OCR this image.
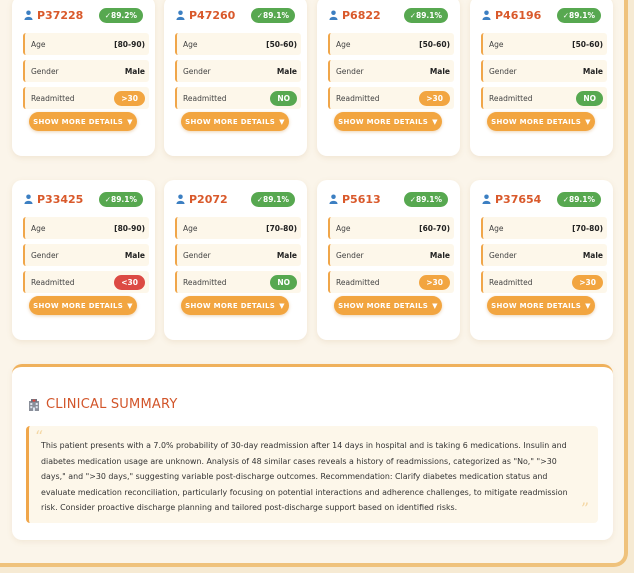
P37228	✓89.2%
Age	[80-90)
Gender	Male
Readmitted	>30
SHOW MORE DETAILS ▼
P47260	✓89.1%
Age	[50-60)
Gender	Male
Readmitted	NO
SHOW MORE DETAILS ▼
P6822	✓89.1%
Age	[50-60)
Gender	Male
Readmitted	>30
SHOW MORE DETAILS ▼
P46196	✓89.1%
Age	[50-60)
Gender	Male
Readmitted	NO
SHOW MORE DETAILS ▼
P33425	✓89.1%
Age	[80-90)
Gender	Male
Readmitted	<30
SHOW MORE DETAILS ▼
P2072	✓89.1%
Age	[70-80)
Gender	Male
Readmitted	NO
SHOW MORE DETAILS ▼
P5613	✓89.1%
Age	[60-70)
Gender	Male
Readmitted	>30
SHOW MORE DETAILS ▼
P37654	✓89.1%
Age	[70-80)
Gender	Male
Readmitted	>30
SHOW MORE DETAILS ▼
CLINICAL SUMMARY
“

This patient presents with a 7.0% probability of 30-day readmission after 14 days in hospital and is taking 6 medications. Insulin and diabetes medication usage are unknown. Analysis of 48 similar cases reveals a history of readmissions, categorized as "No," ">30 days," and ">30 days," suggesting variable post-discharge outcomes. Recommendation: Clarify diabetes medication status and evaluate medication reconciliation, particularly focusing on potential interactions and adherence challenges, to mitigate readmission risk. Consider proactive discharge planning and tailored post-discharge support based on identified risks.	”
